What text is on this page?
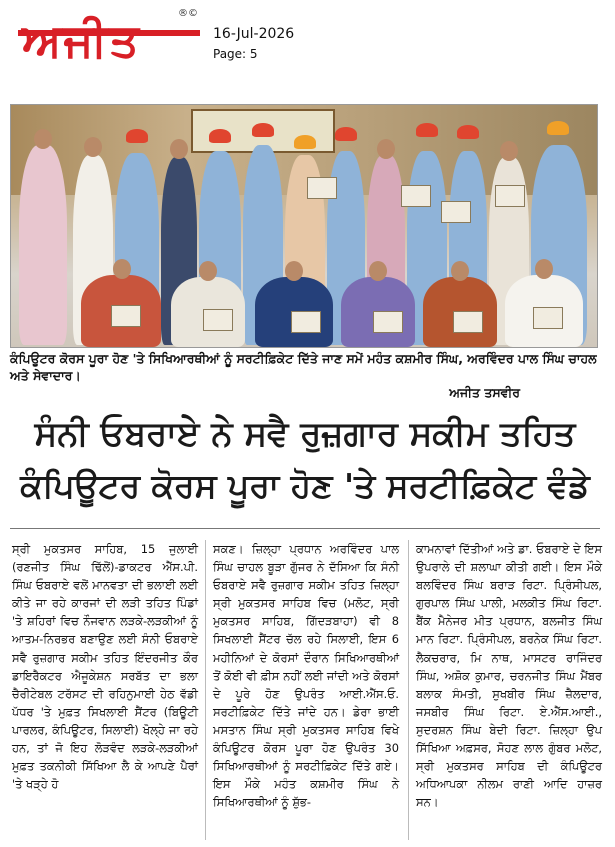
ਅਜੀਤ	®©
16-Jul-2026
Page: 5
ਕੰਪਿਊਟਰ ਕੋਰਸ ਪੂਰਾ ਹੋਣ 'ਤੇ ਸਿਖਿਆਰਥੀਆਂ ਨੂੰ ਸਰਟੀਫ਼ਿਕੇਟ ਦਿੱਤੇ ਜਾਣ ਸਮੇਂ ਮਹੰਤ ਕਸ਼ਮੀਰ ਸਿੰਘ, ਅਰਵਿੰਦਰ ਪਾਲ ਸਿੰਘ ਚਾਹਲ ਅਤੇ ਸੇਵਾਦਾਰ।
ਅਜੀਤ ਤਸਵੀਰ
ਸੰਨੀ ਓਬਰਾਏ ਨੇ ਸਵੈ ਰੁਜ਼ਗਾਰ ਸਕੀਮ ਤਹਿਤ
ਕੰਪਿਊਟਰ ਕੋਰਸ ਪੂਰਾ ਹੋਣ 'ਤੇ ਸਰਟੀਫ਼ਿਕੇਟ ਵੰਡੇ
ਸ੍ਰੀ ਮੁਕਤਸਰ ਸਾਹਿਬ, 15 ਜੁਲਾਈ (ਰਣਜੀਤ ਸਿੰਘ ਢਿੱਲੋਂ)-ਡਾਕਟਰ ਐੱਸ.ਪੀ. ਸਿੰਘ ਓਬਰਾਏ ਵਲੋਂ ਮਾਨਵਤਾ ਦੀ ਭਲਾਈ ਲਈ ਕੀਤੇ ਜਾ ਰਹੇ ਕਾਰਜਾਂ ਦੀ ਲੜੀ ਤਹਿਤ ਪਿੰਡਾਂ 'ਤੇ ਸ਼ਹਿਰਾਂ ਵਿਚ ਨੌਜਵਾਨ ਲੜਕੇ-ਲੜਕੀਆਂ ਨੂੰ ਆਤਮ-ਨਿਰਭਰ ਬਣਾਉਣ ਲਈ ਸੰਨੀ ਓਬਰਾਏ ਸਵੈ ਰੁਜ਼ਗਾਰ ਸਕੀਮ ਤਹਿਤ ਇੰਦਰਜੀਤ ਕੌਰ ਡਾਇਰੈਕਟਰ ਐਜੂਕੇਸ਼ਨ ਸਰਬੱਤ ਦਾ ਭਲਾ ਚੈਰੀਟੇਬਲ ਟਰੱਸਟ ਦੀ ਰਹਿਨੁਮਾਈ ਹੇਠ ਵੱਡੀ ਪੱਧਰ 'ਤੇ ਮੁਫ਼ਤ ਸਿਖਲਾਈ ਸੈਂਟਰ (ਬਿਊਟੀ ਪਾਰਲਰ, ਕੰਪਿਊਟਰ, ਸਿਲਾਈ) ਖੋਲ੍ਹੇ ਜਾ ਰਹੇ ਹਨ, ਤਾਂ ਜੋ ਇਹ ਲੋੜਵੰਦ ਲੜਕੇ-ਲੜਕੀਆਂ ਮੁਫ਼ਤ ਤਕਨੀਕੀ ਸਿੱਖਿਆ ਲੈ ਕੇ ਆਪਣੇ ਪੈਰਾਂ 'ਤੇ ਖੜ੍ਹੇ ਹੋ
ਸਕਣ। ਜ਼ਿਲ੍ਹਾ ਪ੍ਰਧਾਨ ਅਰਵਿੰਦਰ ਪਾਲ ਸਿੰਘ ਚਾਹਲ ਬੂੜਾ ਗੁੱਜਰ ਨੇ ਦੱਸਿਆ ਕਿ ਸੰਨੀ ਓਬਰਾਏ ਸਵੈ ਰੁਜ਼ਗਾਰ ਸਕੀਮ ਤਹਿਤ ਜ਼ਿਲ੍ਹਾ ਸ੍ਰੀ ਮੁਕਤਸਰ ਸਾਹਿਬ ਵਿਚ (ਮਲੋਟ, ਸ੍ਰੀ ਮੁਕਤਸਰ ਸਾਹਿਬ, ਗਿੱਦੜਬਾਹਾ) ਵੀ 8 ਸਿਖਲਾਈ ਸੈਂਟਰ ਚੱਲ ਰਹੇ ਸਿਲਾਈ, ਇਸ 6 ਮਹੀਨਿਆਂ ਦੇ ਕੋਰਸਾਂ ਦੌਰਾਨ ਸਿਖਿਆਰਥੀਆਂ ਤੋਂ ਕੋਈ ਵੀ ਫ਼ੀਸ ਨਹੀਂ ਲਈ ਜਾਂਦੀ ਅਤੇ ਕੋਰਸਾਂ ਦੇ ਪੂਰੇ ਹੋਣ ਉਪਰੰਤ ਆਈ.ਐੱਸ.ਓ. ਸਰਟੀਫ਼ਿਕੇਟ ਦਿੱਤੇ ਜਾਂਦੇ ਹਨ। ਡੇਰਾ ਭਾਈ ਮਸਤਾਨ ਸਿੰਘ ਸ੍ਰੀ ਮੁਕਤਸਰ ਸਾਹਿਬ ਵਿਖੇ ਕੰਪਿਊਟਰ ਕੋਰਸ ਪੂਰਾ ਹੋਣ ਉਪਰੰਤ 30 ਸਿਖਿਆਰਥੀਆਂ ਨੂੰ ਸਰਟੀਫ਼ਿਕੇਟ ਦਿੱਤੇ ਗਏ। ਇਸ ਮੌਕੇ ਮਹੰਤ ਕਸ਼ਮੀਰ ਸਿੰਘ ਨੇ ਸਿਖਿਆਰਥੀਆਂ ਨੂੰ ਸ਼ੁੱਭ-
ਕਾਮਨਾਵਾਂ ਦਿੱਤੀਆਂ ਅਤੇ ਡਾ. ਓਬਰਾਏ ਦੇ ਇਸ ਉਪਰਾਲੇ ਦੀ ਸ਼ਲਾਘਾ ਕੀਤੀ ਗਈ। ਇਸ ਮੌਕੇ ਬਲਵਿੰਦਰ ਸਿੰਘ ਬਰਾੜ ਰਿਟਾ. ਪ੍ਰਿੰਸੀਪਲ, ਗੁਰਪਾਲ ਸਿੰਘ ਪਾਲੀ, ਮਲਕੀਤ ਸਿੰਘ ਰਿਟਾ. ਬੈਂਕ ਮੈਨੇਜਰ ਮੀਤ ਪ੍ਰਧਾਨ, ਬਲਜੀਤ ਸਿੰਘ ਮਾਨ ਰਿਟਾ. ਪ੍ਰਿੰਸੀਪਲ, ਬਰਨੇਕ ਸਿੰਘ ਰਿਟਾ. ਲੈਕਚਰਾਰ, ਮਿ ਨਾਥ, ਮਾਸਟਰ ਰਾਜਿੰਦਰ ਸਿੰਘ, ਅਸ਼ੋਕ ਕੁਮਾਰ, ਚਰਨਜੀਤ ਸਿੰਘ ਮੈਂਬਰ ਬਲਾਕ ਸੰਮਤੀ, ਸੁਖਬੀਰ ਸਿੰਘ ਜ਼ੈਲਦਾਰ, ਜਸਬੀਰ ਸਿੰਘ ਰਿਟਾ. ਏ.ਐੱਸ.ਆਈ., ਸੁਦਰਸ਼ਨ ਸਿੰਘ ਬੇਦੀ ਰਿਟਾ. ਜ਼ਿਲ੍ਹਾ ਉਪ ਸਿੱਖਿਆ ਅਫ਼ਸਰ, ਸੋਹਣ ਲਾਲ ਗੁੰਬਰ ਮਲੋਟ, ਸ੍ਰੀ ਮੁਕਤਸਰ ਸਾਹਿਬ ਦੀ ਕੰਪਿਊਟਰ ਅਧਿਆਪਕਾ ਨੀਲਮ ਰਾਣੀ ਆਦਿ ਹਾਜ਼ਰ ਸਨ।
